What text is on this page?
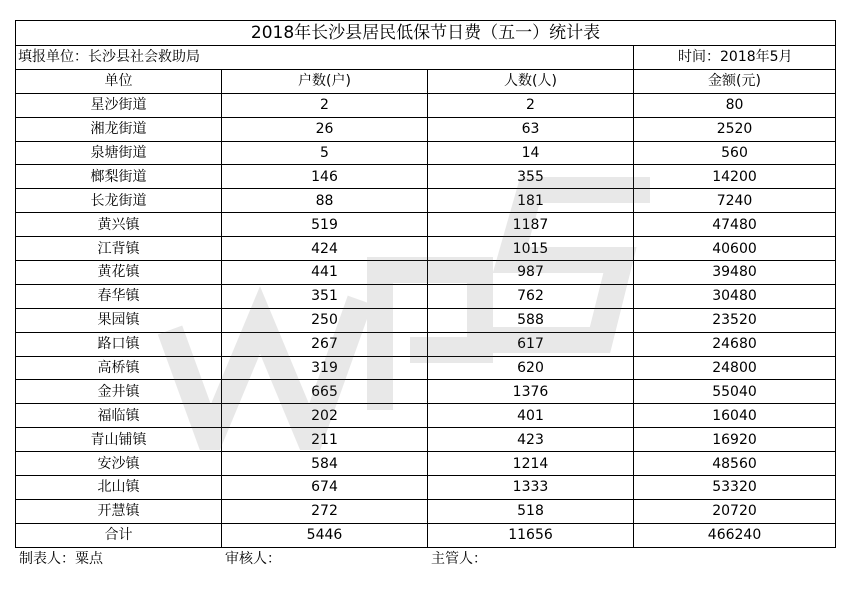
2018年长沙县居民低保节日费（五一）统计表			
填报单位：长沙县社会救助局			时间：2018年5月
单位	户数(户)	人数(人)	金额(元)
星沙街道	2	2	80
湘龙街道	26	63	2520
泉塘街道	5	14	560
榔梨街道	146	355	14200
长龙街道	88	181	7240
黄兴镇	519	1187	47480
江背镇	424	1015	40600
黄花镇	441	987	39480
春华镇	351	762	30480
果园镇	250	588	23520
路口镇	267	617	24680
高桥镇	319	620	24800
金井镇	665	1376	55040
福临镇	202	401	16040
青山铺镇	211	423	16920
安沙镇	584	1214	48560
北山镇	674	1333	53320
开慧镇	272	518	20720
合计	5446	11656	466240
制表人：粟点	审核人：	主管人：	
